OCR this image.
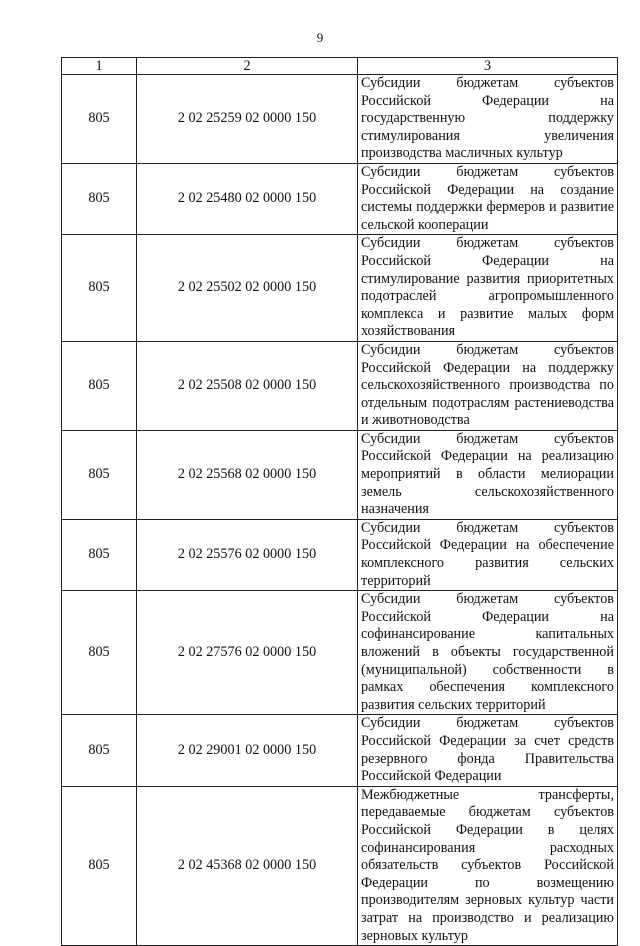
9
1	2	3
805	2 02 25259 02 0000 150	Субсидии бюджетам субъектов Российской Федерации на государственную поддержку стимулирования увеличения производства масличных культур
805	2 02 25480 02 0000 150	Субсидии бюджетам субъектов Российской Федерации на создание системы поддержки фермеров и развитие сельской кооперации
805	2 02 25502 02 0000 150	Субсидии бюджетам субъектов Российской Федерации на стимулирование развития приоритетных подотраслей агропромышленного комплекса и развитие малых форм хозяйствования
805	2 02 25508 02 0000 150	Субсидии бюджетам субъектов Российской Федерации на поддержку сельскохозяйственного производства по отдельным подотраслям растениеводства и животноводства
805	2 02 25568 02 0000 150	Субсидии бюджетам субъектов Российской Федерации на реализацию мероприятий в области мелиорации земель сельскохозяйственного назначения
805	2 02 25576 02 0000 150	Субсидии бюджетам субъектов Российской Федерации на обеспечение комплексного развития сельских территорий
805	2 02 27576 02 0000 150	Субсидии бюджетам субъектов Российской Федерации на софинансирование капитальных вложений в объекты государственной (муниципальной) собственности в рамках обеспечения комплексного развития сельских территорий
805	2 02 29001 02 0000 150	Субсидии бюджетам субъектов Российской Федерации за счет средств резервного фонда Правительства Российской Федерации
805	2 02 45368 02 0000 150	Межбюджетные трансферты, передаваемые бюджетам субъектов Российской Федерации в целях софинансирования расходных обязательств субъектов Российской Федерации по возмещению производителям зерновых культур части затрат на производство и реализацию зерновых культур
